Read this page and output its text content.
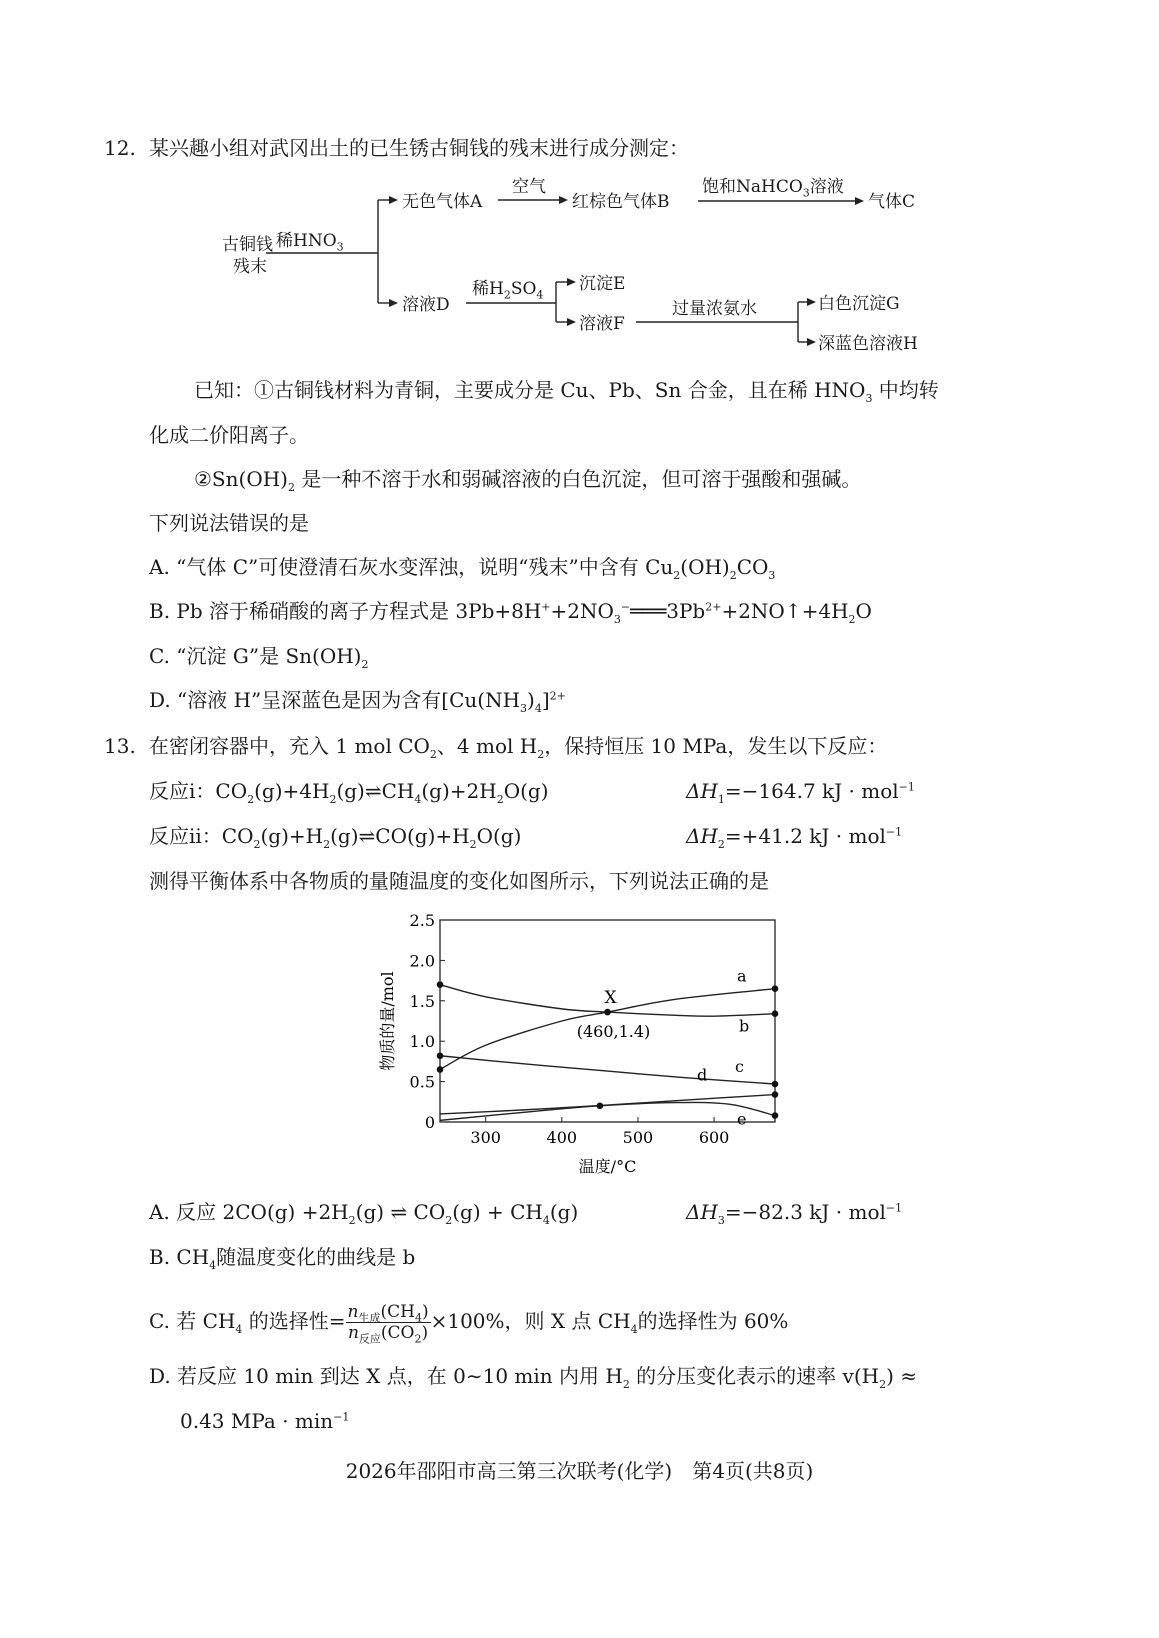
12. 某兴趣小组对武冈出土的已生锈古铜钱的残末进行成分测定：
古铜钱
残末
稀$HNO_3$
无色气体A
空气
红棕色气体B
饱和NaHCO$_3$溶液
气体C
溶液D
稀$H_2SO_4$
沉淀E
溶液F
过量浓氨水	白色沉淀G
深蓝色溶液H
已知：①古铜钱材料为青铜，主要成分是 Cu、Pb、Sn 合金，且在稀 $HNO_3$ 中均转
化成二价阳离子。
$②Sn(OH)_2$ 是一种不溶于水和弱碱溶液的白色沉淀，但可溶于强酸和强碱。
下列说法错误的是
A. “气体 C”可使澄清石灰水变浑浊，说明“残末”中含有 $Cu_2(OH)_2CO_3$
B. Pb 溶于稀硝酸的离子方程式是 $3Pb+8H^++2NO_3^-═══3Pb^{2+}+2NO↑+4H_2O$
C. “沉淀 G”是 $Sn(OH)_2$
D. “溶液 H”呈深蓝色是因为含有$[Cu(NH_3)_4]^{2+}$
13. 在密闭容器中，充入 1 mol $CO_2$、4 mol $H_2$，保持恒压 10 MPa，发生以下反应：
反应ⅰ：$CO_2(g)+4H_2(g)\rightleftharpoons CH_4(g)+2H_2O(g)$	$\Delta H_1=-164.7$ kJ · mol$^{-1}$
反应ⅱ：$CO_2(g)+H_2(g)\rightleftharpoons CO(g)+H_2O(g)$	$\Delta H_2=+41.2$ kJ · mol$^{-1}$
测得平衡体系中各物质的量随温度的变化如图所示，下列说法正确的是
300	400	500	600
0
0.5
1.0
1.5
2.0
2.5
温度/°C
物质的量/mol	a
b
c
d
e
X
(460,1.4)
A. 反应 $2CO(g) +2H_2(g)$ ⇌ $CO_2(g) + CH_4(g)$	$\Delta H_3=-82.3$ kJ · mol$^{-1}$
B. $CH_4$随温度变化的曲线是 b
C. 若 $CH_4$ 的选择性= $\frac{n_{生成}(CH_4)}{n_{反应}(CO_2)} \times 100\%$，则 X 点 $CH_4$的选择性为 60%
D. 若反应 10 min 到达 X 点，在 0∼10 min 内用 $H_2$ 的分压变化表示的速率 $v(H_2)$ ≈
0.43 MPa · $\min^{-1}$
2026年邵阳市高三第三次联考(化学)　第4页(共8页)
